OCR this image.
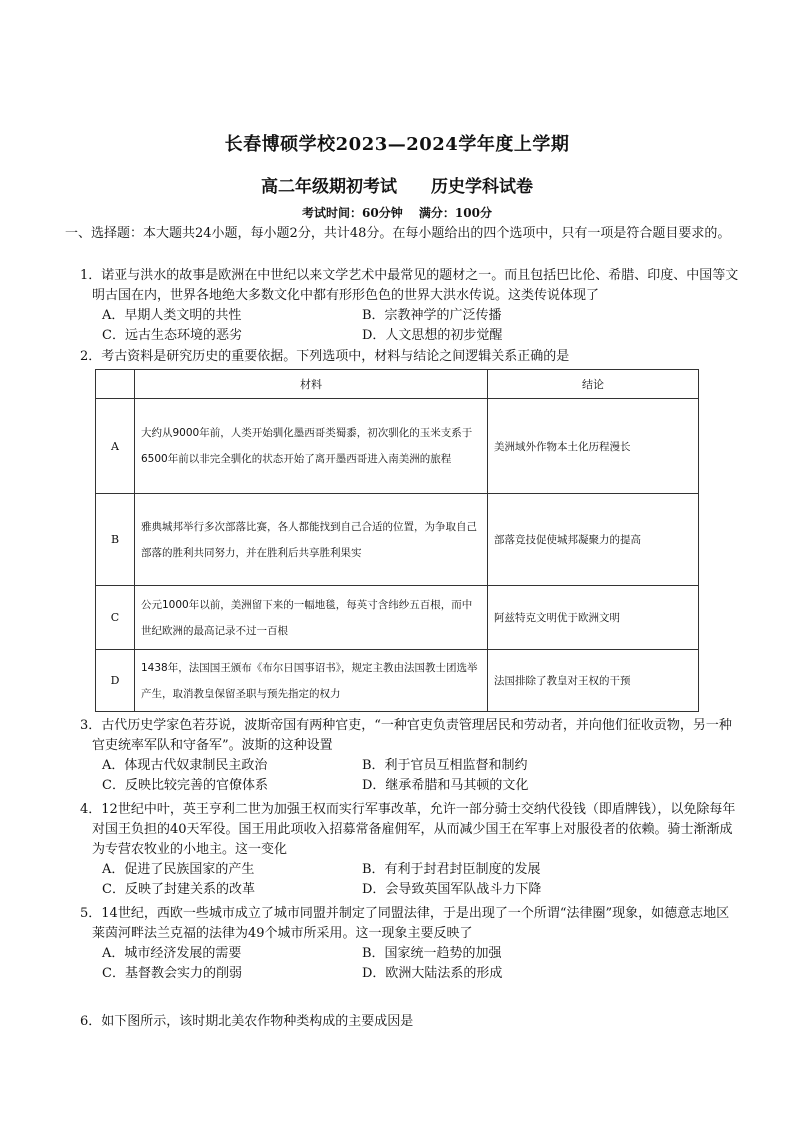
长春博硕学校2023—2024学年度上学期
高二年级期初考试 历史学科试卷
考试时间：60分钟 满分：100分
一、选择题：本大题共24小题，每小题2分，共计48分。在每小题给出的四个选项中，只有一项是符合题目要求的。
1．诺亚与洪水的故事是欧洲在中世纪以来文学艺术中最常见的题材之一。而且包括巴比伦、希腊、印度、中国等文明古国在内，世界各地绝大多数文化中都有形形色色的世界大洪水传说。这类传说体现了
A．早期人类文明的共性	B．宗教神学的广泛传播
C．远古生态环境的恶劣	D．人文思想的初步觉醒
2．考古资料是研究历史的重要依据。下列选项中，材料与结论之间逻辑关系正确的是
	材料	结论
A	大约从9000年前，人类开始驯化墨西哥类蜀黍，初次驯化的玉米支系于6500年前以非完全驯化的状态开始了离开墨西哥进入南美洲的旅程	美洲域外作物本土化历程漫长
B	雅典城邦举行多次部落比赛，各人都能找到自己合适的位置，为争取自己部落的胜利共同努力，并在胜利后共享胜利果实	部落竞技促使城邦凝聚力的提高
C	公元1000年以前，美洲留下来的一幅地毯，每英寸含纬纱五百根，而中世纪欧洲的最高记录不过一百根	阿兹特克文明优于欧洲文明
D	1438年，法国国王颁布《布尔日国事诏书》，规定主教由法国教士团选举产生，取消教皇保留圣职与预先指定的权力	法国排除了教皇对王权的干预
3．古代历史学家色若芬说，波斯帝国有两种官吏，“一种官吏负责管理居民和劳动者，并向他们征收贡物，另一种官吏统率军队和守备军”。波斯的这种设置
A．体现古代奴隶制民主政治	B．利于官员互相监督和制约
C．反映比较完善的官僚体系	D．继承希腊和马其顿的文化
4．12世纪中叶，英王亨利二世为加强王权而实行军事改革，允许一部分骑士交纳代役钱（即盾牌钱），以免除每年对国王负担的40天军役。国王用此项收入招募常备雇佣军，从而减少国王在军事上对服役者的依赖。骑士渐渐成为专营农牧业的小地主。这一变化
A．促进了民族国家的产生	B．有利于封君封臣制度的发展
C．反映了封建关系的改革	D．会导致英国军队战斗力下降
5．14世纪，西欧一些城市成立了城市同盟并制定了同盟法律，于是出现了一个所谓“法律圈”现象，如德意志地区莱茵河畔法兰克福的法律为49个城市所采用。这一现象主要反映了
A．城市经济发展的需要	B．国家统一趋势的加强
C．基督教会实力的削弱	D．欧洲大陆法系的形成
6．如下图所示，该时期北美农作物种类构成的主要成因是
